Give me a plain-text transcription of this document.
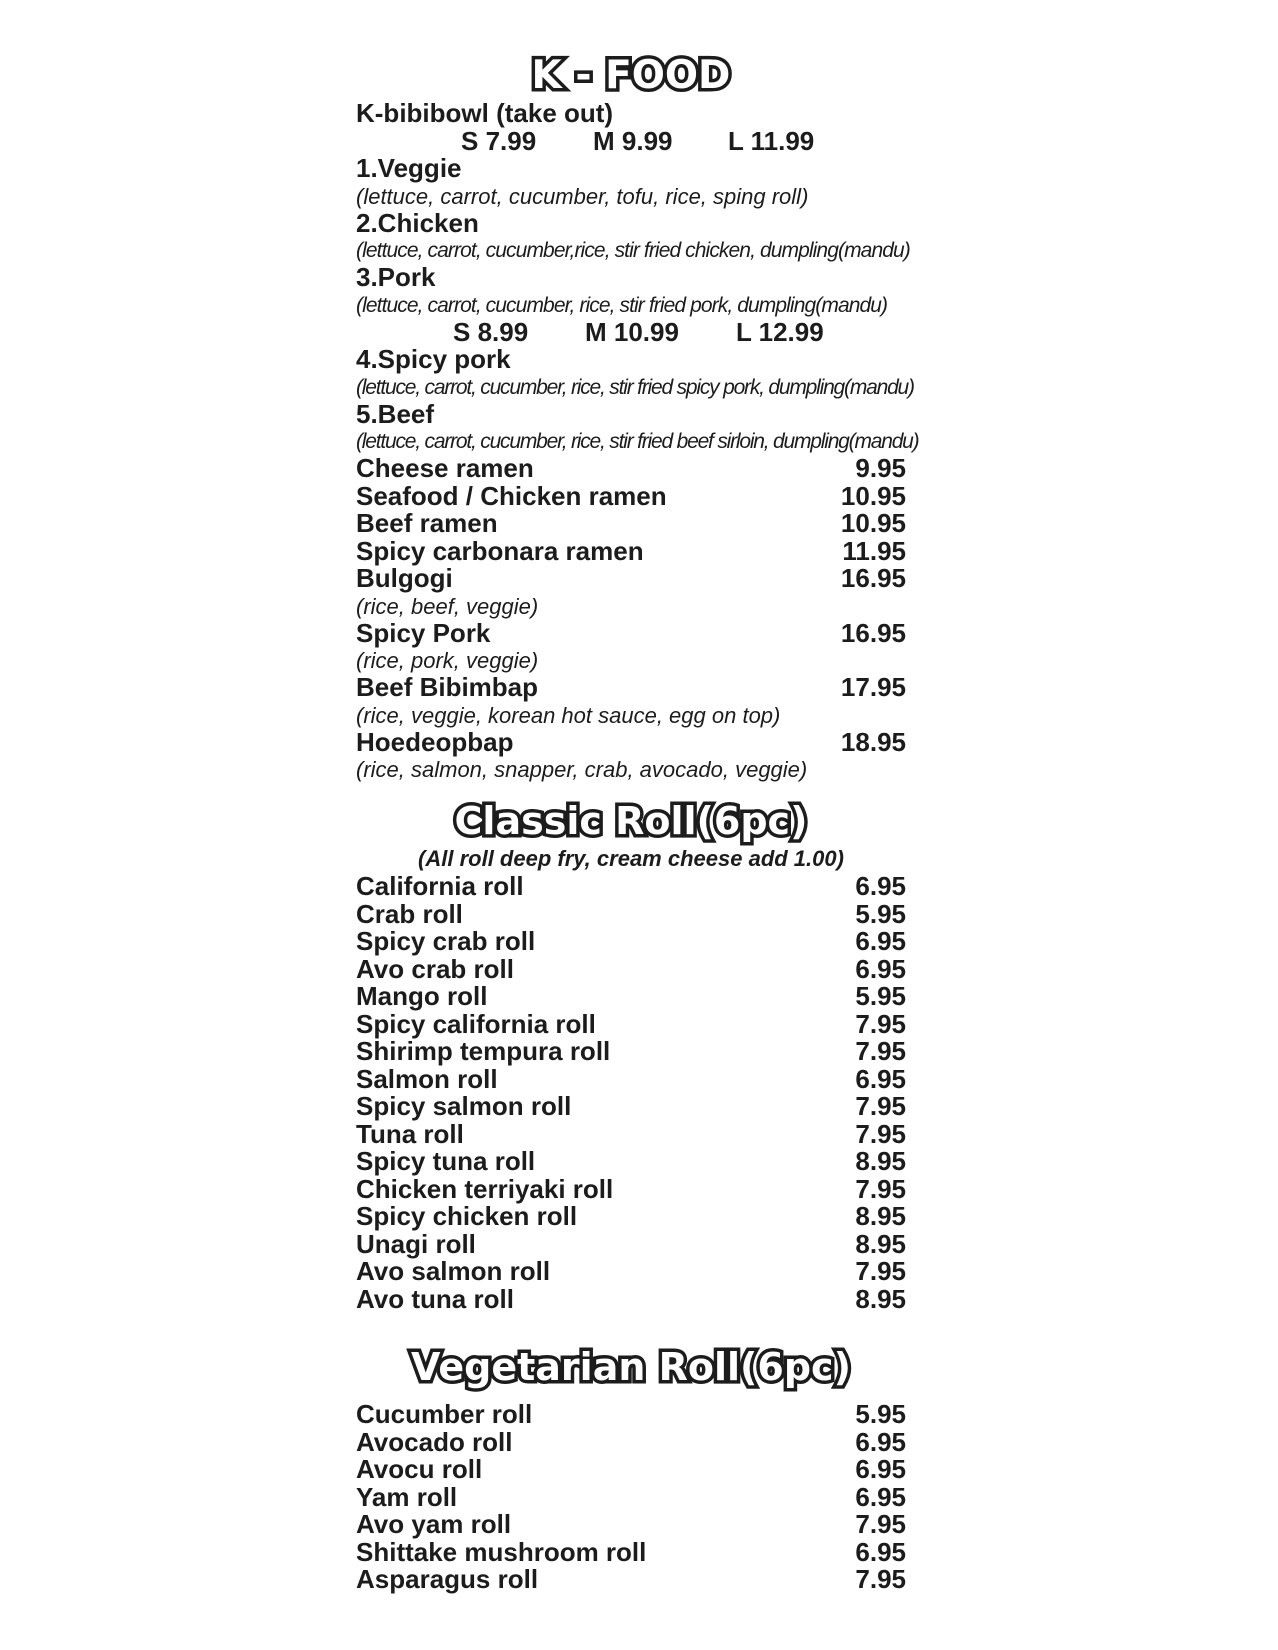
K - FOOD
K-bibibowl (take out)
S 7.99 M 9.99 L 11.99
1.Veggie
(lettuce, carrot, cucumber, tofu, rice, sping roll)
2.Chicken
(lettuce, carrot, cucumber,rice, stir fried chicken, dumpling(mandu)
3.Pork
(lettuce, carrot, cucumber, rice, stir fried pork, dumpling(mandu)
S 8.99 M 10.99 L 12.99
4.Spicy pork
(lettuce, carrot, cucumber, rice, stir fried spicy pork, dumpling(mandu)
5.Beef
(lettuce, carrot, cucumber, rice, stir fried beef sirloin, dumpling(mandu)
Cheese ramen	9.95
Seafood / Chicken ramen	10.95
Beef ramen	10.95
Spicy carbonara ramen	11.95
Bulgogi	16.95
(rice, beef, veggie)
Spicy Pork	16.95
(rice, pork, veggie)
Beef Bibimbap	17.95
(rice, veggie, korean hot sauce, egg on top)
Hoedeopbap	18.95
(rice, salmon, snapper, crab, avocado, veggie)
Classic Roll(6pc)
(All roll deep fry, cream cheese add 1.00)
California roll	6.95
Crab roll	5.95
Spicy crab roll	6.95
Avo crab roll	6.95
Mango roll	5.95
Spicy california roll	7.95
Shirimp tempura roll	7.95
Salmon roll	6.95
Spicy salmon roll	7.95
Tuna roll	7.95
Spicy tuna roll	8.95
Chicken terriyaki roll	7.95
Spicy chicken roll	8.95
Unagi roll	8.95
Avo salmon roll	7.95
Avo tuna roll	8.95
Vegetarian Roll(6pc)
Cucumber roll	5.95
Avocado roll	6.95
Avocu roll	6.95
Yam roll	6.95
Avo yam roll	7.95
Shittake mushroom roll	6.95
Asparagus roll	7.95
